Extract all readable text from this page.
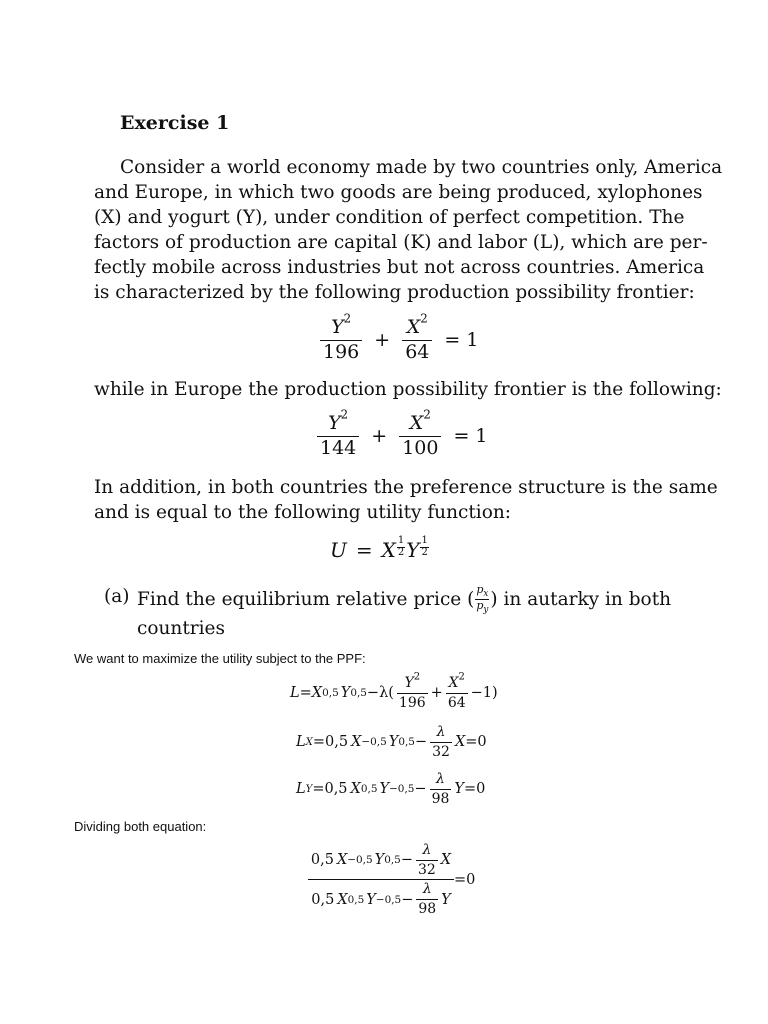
Exercise 1
Consider a world economy made by two countries only, America
and Europe, in which two goods are being produced, xylophones
(X) and yogurt (Y), under condition of perfect competition. The
factors of production are capital (K) and labor (L), which are per-
fectly mobile across industries but not across countries. America
is characterized by the following production possibility frontier:
$\frac{Y^2}{196} + \frac{X^2}{64} = 1$
while in Europe the production possibility frontier is the following:
$\frac{Y^2}{144} + \frac{X^2}{100} = 1$
In addition, in both countries the preference structure is the same
and is equal to the following utility function:
U = X $\frac{1}{2}$ Y $\frac{1}{2}$
(a) Find the equilibrium relative price ( $\frac{p_x}{p_y}$ ) in autarky in both
countries
We want to maximize the utility subject to the PPF:
L = X 0,5 Y $0,5 -\lambda( \frac{Y^2}{196} + \frac{X^2}{64} -1)$
L X =0,5 X −0,5 Y $0,5 - \frac{\lambda}{32}$ X =0
L Y =0,5 X 0,5 $Y -0,5 - \frac{\lambda}{98}$ Y =0
Dividing both equation:
0,5 X −0,5 Y $0,5 - \frac{\lambda}{32}$ X
0,5 X 0,5 $Y -0,5 - \frac{\lambda}{98}$ Y
=0
